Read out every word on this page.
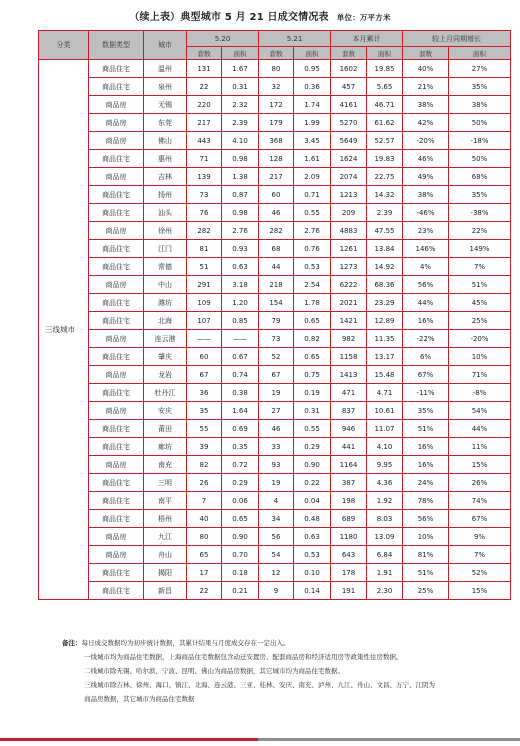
（续上表）典型城市 5 月 21 日成交情况表 单位：万平方米
分类	数据类型	城市	5.20		5.21		本月累计		较上月同期增长	
			套数	面积	套数	面积	套数	面积	套数	面积
三线城市	商品住宅	温州	131	1.67	80	0.95	1602	19.85	40%	27%
	商品住宅	泉州	22	0.31	32	0.36	457	5.65	21%	35%
	商品房	无锡	220	2.32	172	1.74	4161	46.71	38%	38%
	商品房	东莞	217	2.39	179	1.99	5270	61.62	42%	50%
	商品房	佛山	443	4.10	368	3.45	5649	52.57	-20%	-18%
	商品住宅	惠州	71	0.98	128	1.61	1624	19.83	46%	50%
	商品房	吉林	139	1.38	217	2.09	2074	22.75	49%	68%
	商品住宅	扬州	73	0.87	60	0.71	1213	14.32	38%	35%
	商品住宅	汕头	76	0.98	46	0.55	209	2.39	-46%	-38%
	商品房	徐州	282	2.76	282	2.76	4883	47.55	23%	22%
	商品住宅	江门	81	0.93	68	0.76	1261	13.84	146%	149%
	商品住宅	常德	51	0.63	44	0.53	1273	14.92	4%	7%
	商品房	中山	291	3.18	218	2.54	6222	68.36	56%	51%
	商品住宅	潍坊	109	1.20	154	1.78	2021	23.29	44%	45%
	商品住宅	北海	107	0.85	79	0.65	1421	12.89	16%	25%
	商品房	连云港	——	——	73	0.82	982	11.35	-22%	-20%
	商品住宅	肇庆	60	0.67	52	0.65	1158	13.17	6%	10%
	商品房	龙岩	67	0.74	67	0.75	1413	15.48	67%	71%
	商品住宅	牡丹江	36	0.38	19	0.19	471	4.71	-11%	-8%
	商品房	安庆	35	1.64	27	0.31	837	10.61	35%	54%
	商品住宅	莆田	55	0.69	46	0.55	946	11.07	51%	44%
	商品住宅	廊坊	39	0.35	33	0.29	441	4.10	16%	11%
	商品房	南充	82	0.72	93	0.90	1164	9.95	16%	15%
	商品住宅	三明	26	0.29	19	0.22	387	4.36	24%	26%
	商品住宅	南平	7	0.06	4	0.04	198	1.92	78%	74%
	商品住宅	梧州	40	0.65	34	0.48	689	8.03	56%	67%
	商品房	九江	80	0.90	56	0.63	1180	13.09	10%	9%
	商品房	舟山	65	0.70	54	0.53	643	6.84	81%	7%
	商品住宅	揭阳	17	0.18	12	0.10	178	1.91	51%	52%
	商品住宅	新昌	22	0.21	9	0.14	191	2.30	25%	15%

备注：每日成交数据均为初步统计数据，其累计结果与月度成交存在一定出入。

一线城市均为商品住宅数据，上海商品住宅数据包含动迁安置房、配套商品房和经济适用房等政策性住房数据。

二线城市除无锡、哈尔滨、宁波、昆明、佛山为商品房数据，其它城市均为商品住宅数据。

三线城市除吉林、徐州、海口、镇江、北海、连云港、三亚、桂林、安庆、南充、泸州、九江、舟山、文昌、万宁、江阴为

商品房数据，其它城市为商品住宅数据
